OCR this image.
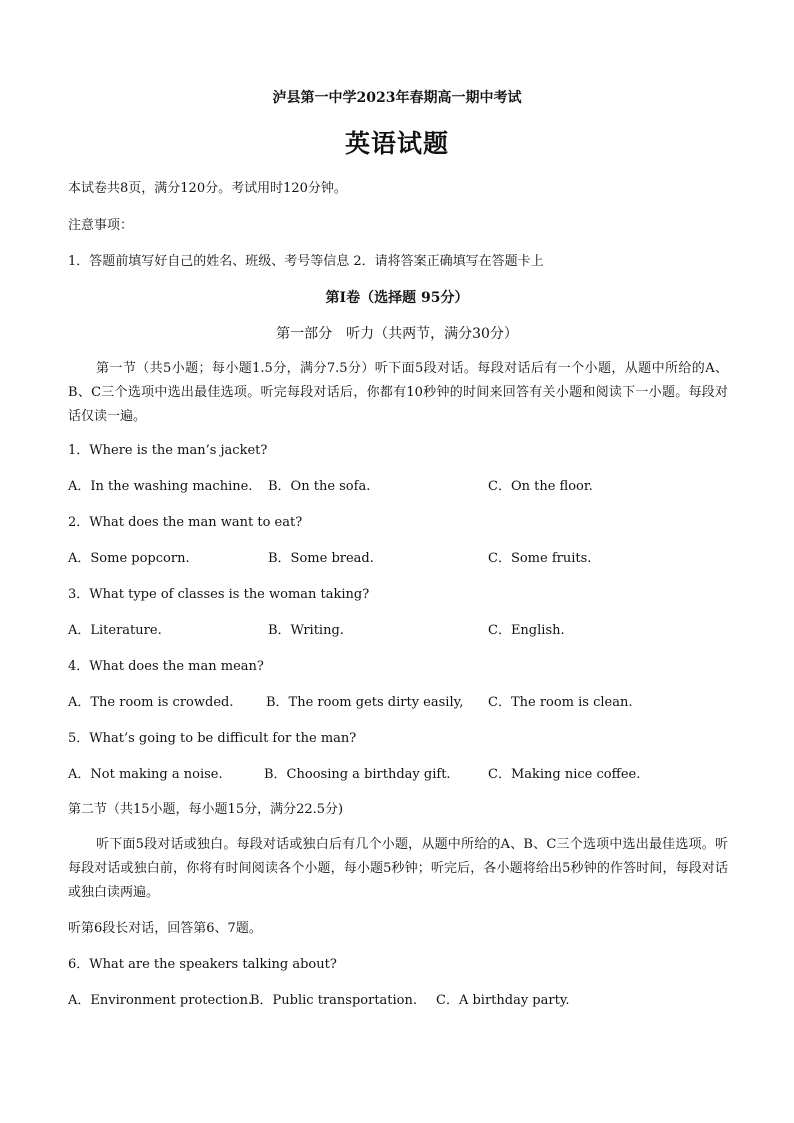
泸县第一中学2023年春期高一期中考试
英语试题
本试卷共8页，满分120分。考试用时120分钟。
注意事项：
1．答题前填写好自己的姓名、班级、考号等信息 2．请将答案正确填写在答题卡上
第I卷（选择题 95分）
第一部分　听力（共两节，满分30分）
第一节（共5小题；每小题1.5分，满分7.5分）听下面5段对话。每段对话后有一个小题，从题中所给的A、B、C三个选项中选出最佳选项。听完每段对话后，你都有10秒钟的时间来回答有关小题和阅读下一小题。每段对话仅读一遍。
1．Where is the man’s jacket?
A．In the washing machine. B．On the sofa.	C．On the floor.
2．What does the man want to eat?
A．Some popcorn.	B．Some bread.	C．Some fruits.
3．What type of classes is the woman taking?
A．Literature.	B．Writing.	C．English.
4．What does the man mean?
A．The room is crowded.	B．The room gets dirty easily, C．The room is clean.
5．What’s going to be difficult for the man?
A．Not making a noise.	B．Choosing a birthday gift.	C．Making nice coffee.
第二节（共15小题，每小题15分，满分22.5分)
听下面5段对话或独白。每段对话或独白后有几个小题，从题中所给的A、B、C三个选项中选出最佳选项。听每段对话或独白前，你将有时间阅读各个小题，每小题5秒钟；听完后，各小题将给出5秒钟的作答时间，每段对话或独白读两遍。
听第6段长对话，回答第6、7题。
6．What are the speakers talking about?
A．Environment protection.
B．Public transportation. C．A birthday party.
